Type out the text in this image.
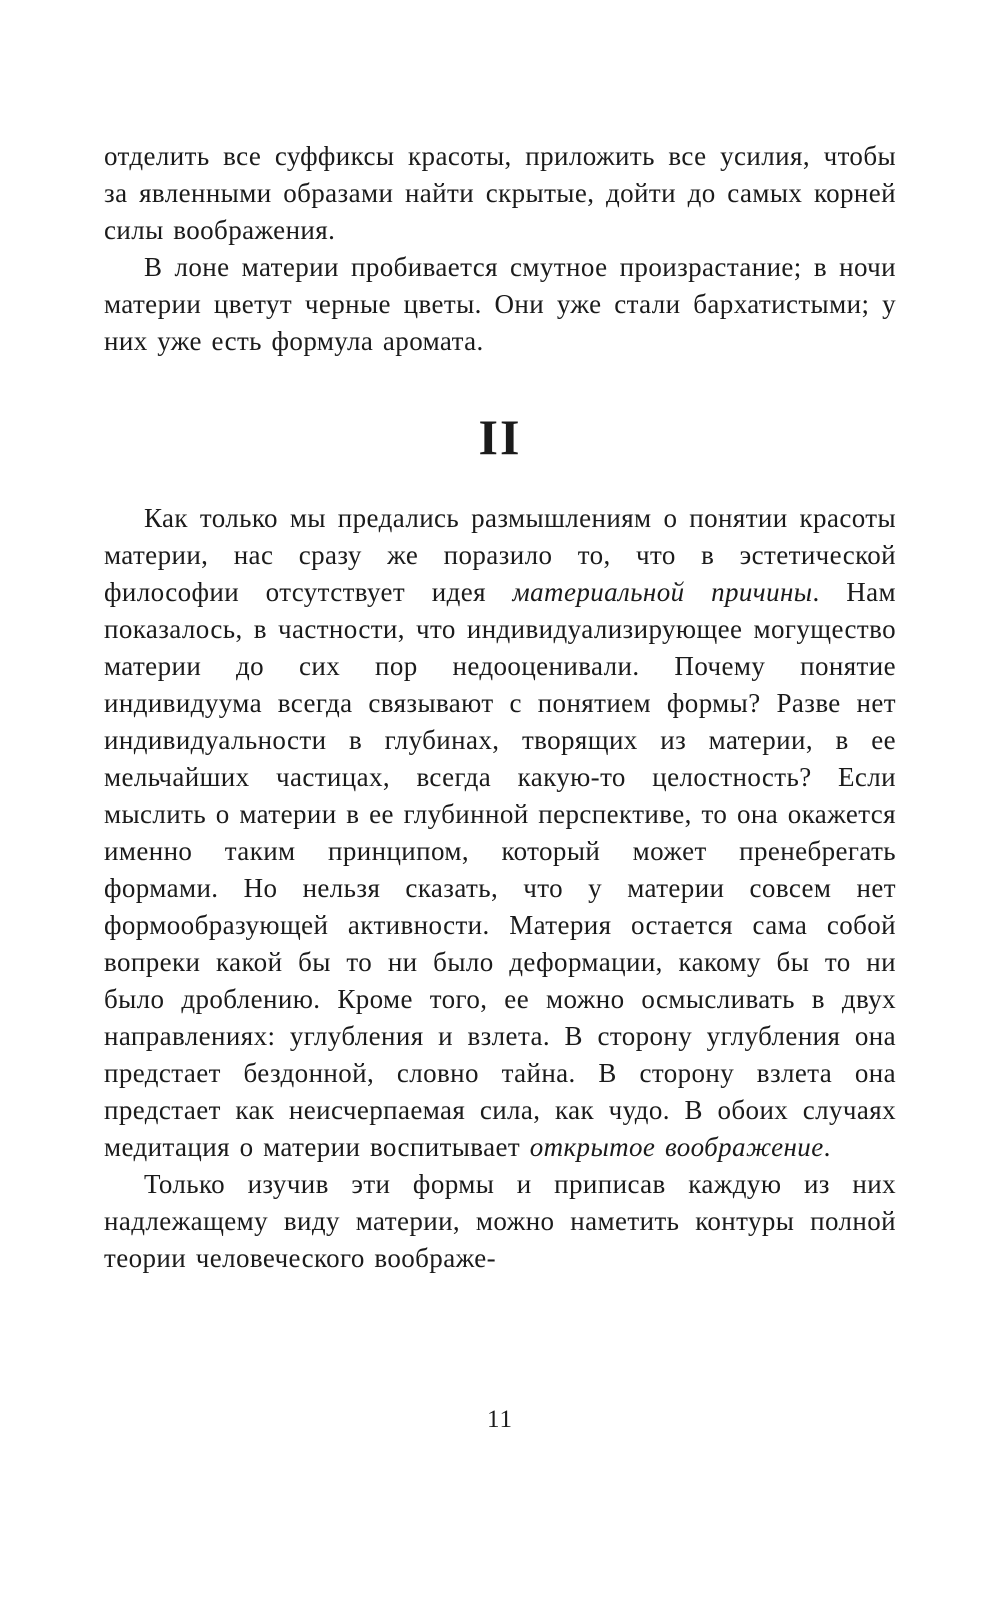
отделить все суффиксы красоты, приложить все усилия, чтобы за явленными образами найти скрытые, дойти до самых корней силы воображения.

В лоне материи пробивается смутное произрастание; в ночи материи цветут черные цветы. Они уже стали бархатистыми; у них уже есть формула аромата.

II

Как только мы предались размышлениям о понятии красоты материи, нас сразу же поразило то, что в эстетической философии отсутствует идея материальной причины. Нам показалось, в частности, что индивидуализирующее могущество материи до сих пор недооценивали. Почему понятие индивидуума всегда связывают с понятием формы? Разве нет индивидуальности в глубинах, творящих из материи, в ее мельчайших частицах, всегда какую-то целостность? Если мыслить о материи в ее глубинной перспективе, то она окажется именно таким принципом, который может пренебрегать формами. Но нельзя сказать, что у материи совсем нет формообразующей активности. Материя остается сама собой вопреки какой бы то ни было деформации, какому бы то ни было дроблению. Кроме того, ее можно осмысливать в двух направлениях: углубления и взлета. В сторону углубления она предстает бездонной, словно тайна. В сторону взлета она предстает как неисчерпаемая сила, как чудо. В обоих случаях медитация о материи воспитывает открытое воображение.

Только изучив эти формы и приписав каждую из них надлежащему виду материи, можно наметить контуры полной теории человеческого воображе-

11
